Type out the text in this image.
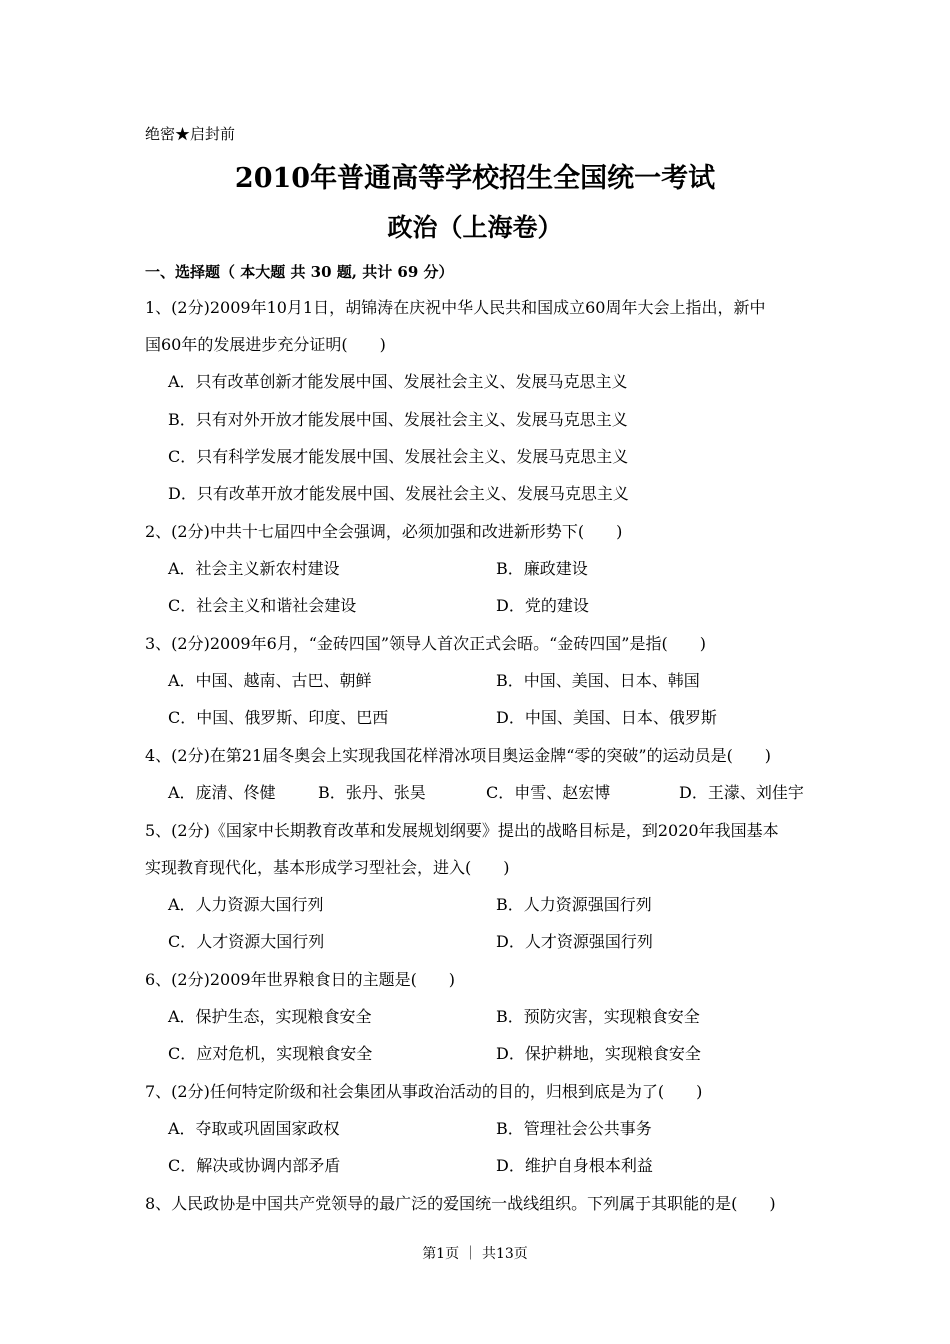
绝密★启封前
2010年普通高等学校招生全国统一考试
政治（上海卷）
一、选择题（ 本大题 共 30 题, 共计 69 分）
1、(2分)2009年10月1日，胡锦涛在庆祝中华人民共和国成立60周年大会上指出，新中
国60年的发展进步充分证明(　　)
A．只有改革创新才能发展中国、发展社会主义、发展马克思主义
B．只有对外开放才能发展中国、发展社会主义、发展马克思主义
C．只有科学发展才能发展中国、发展社会主义、发展马克思主义
D．只有改革开放才能发展中国、发展社会主义、发展马克思主义
2、(2分)中共十七届四中全会强调，必须加强和改进新形势下(　　)
A．社会主义新农村建设	B．廉政建设
C．社会主义和谐社会建设	D．党的建设
3、(2分)2009年6月，“金砖四国”领导人首次正式会晤。“金砖四国”是指(　　)
A．中国、越南、古巴、朝鲜	B．中国、美国、日本、韩国
C．中国、俄罗斯、印度、巴西	D．中国、美国、日本、俄罗斯
4、(2分)在第21届冬奥会上实现我国花样滑冰项目奥运金牌“零的突破”的运动员是(　　)
A．庞清、佟健	B．张丹、张昊	C．申雪、赵宏博	D．王濛、刘佳宇
5、(2分)《国家中长期教育改革和发展规划纲要》提出的战略目标是，到2020年我国基本
实现教育现代化，基本形成学习型社会，进入(　　)
A．人力资源大国行列	B．人力资源强国行列
C．人才资源大国行列	D．人才资源强国行列
6、(2分)2009年世界粮食日的主题是(　　)
A．保护生态，实现粮食安全	B．预防灾害，实现粮食安全
C．应对危机，实现粮食安全	D．保护耕地，实现粮食安全
7、(2分)任何特定阶级和社会集团从事政治活动的目的，归根到底是为了(　　)
A．夺取或巩固国家政权	B．管理社会公共事务
C．解决或协调内部矛盾	D．维护自身根本利益
8、人民政协是中国共产党领导的最广泛的爱国统一战线组织。下列属于其职能的是(　　)
第1页 ｜ 共13页
